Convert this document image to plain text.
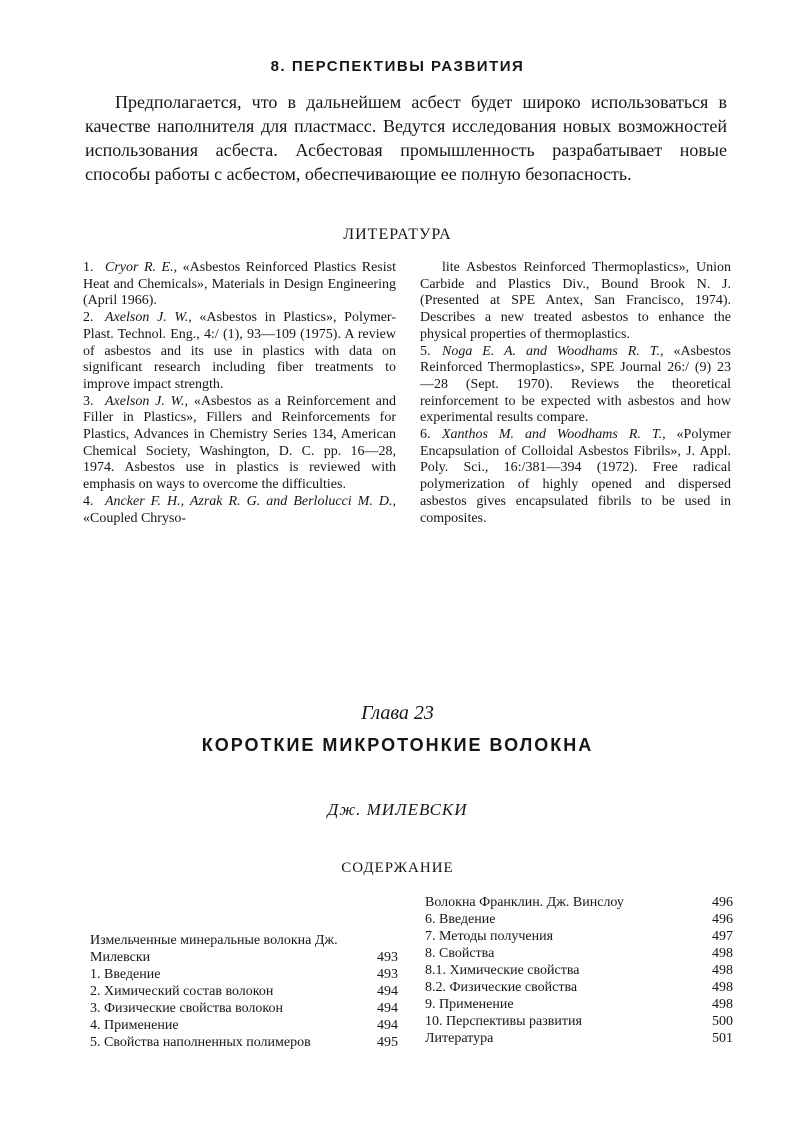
8. ПЕРСПЕКТИВЫ РАЗВИТИЯ

Предполагается, что в дальнейшем асбест будет широко использоваться в качестве наполнителя для пластмасс. Ведутся исследования новых возможностей использования асбеста. Асбестовая промышленность разрабатывает новые способы работы с асбестом, обеспечивающие ее полную безопасность.

ЛИТЕРАТУРА

1. Cryor R. E., «Asbestos Reinforced Plastics Resist Heat and Chemicals», Materials in Design Engineering (April 1966).

2. Axelson J. W., «Asbestos in Plastics», Polymer-Plast. Technol. Eng., 4:/ (1), 93—109 (1975). A review of asbestos and its use in plastics with data on significant research including fiber treatments to improve impact strength.

3. Axelson J. W., «Asbestos as a Reinforcement and Filler in Plastics», Fillers and Reinforcements for Plastics, Advances in Chemistry Series 134, American Chemical Society, Washington, D. C. pp. 16—28, 1974. Asbestos use in plastics is reviewed with emphasis on ways to overcome the difficulties.

4. Ancker F. H., Azrak R. G. and Berlolucci M. D., «Coupled Chryso-

lite Asbestos Reinforced Thermoplastics», Union Carbide and Plastics Div., Bound Brook N. J. (Presented at SPE Antex, San Francisco, 1974). Describes a new treated asbestos to enhance the physical properties of thermoplastics.

5. Noga E. A. and Woodhams R. T., «Asbestos Reinforced Thermoplastics», SPE Journal 26:/ (9) 23—28 (Sept. 1970). Reviews the theoretical reinforcement to be expected with asbestos and how experimental results compare.

6. Xanthos M. and Woodhams R. T., «Polymer Encapsulation of Colloidal Asbestos Fibrils», J. Appl. Poly. Sci., 16:/381—394 (1972). Free radical polymerization of highly opened and dispersed asbestos gives encapsulated fibrils to be used in composites.

Глава 23
КОРОТКИЕ МИКРОТОНКИЕ ВОЛОКНА
Дж. МИЛЕВСКИ
СОДЕРЖАНИЕ
Измельченные минеральные волокна Дж. Милевски	493
1. Введение	493
2. Химический состав волокон	494
3. Физические свойства волокон	494
4. Применение	494
5. Свойства наполненных полимеров	495
Волокна Франклин. Дж. Винслоу	496
6. Введение	496
7. Методы получения	497
8. Свойства	498
8.1. Химические свойства	498
8.2. Физические свойства	498
9. Применение	498
10. Перспективы развития	500
Литература	501
